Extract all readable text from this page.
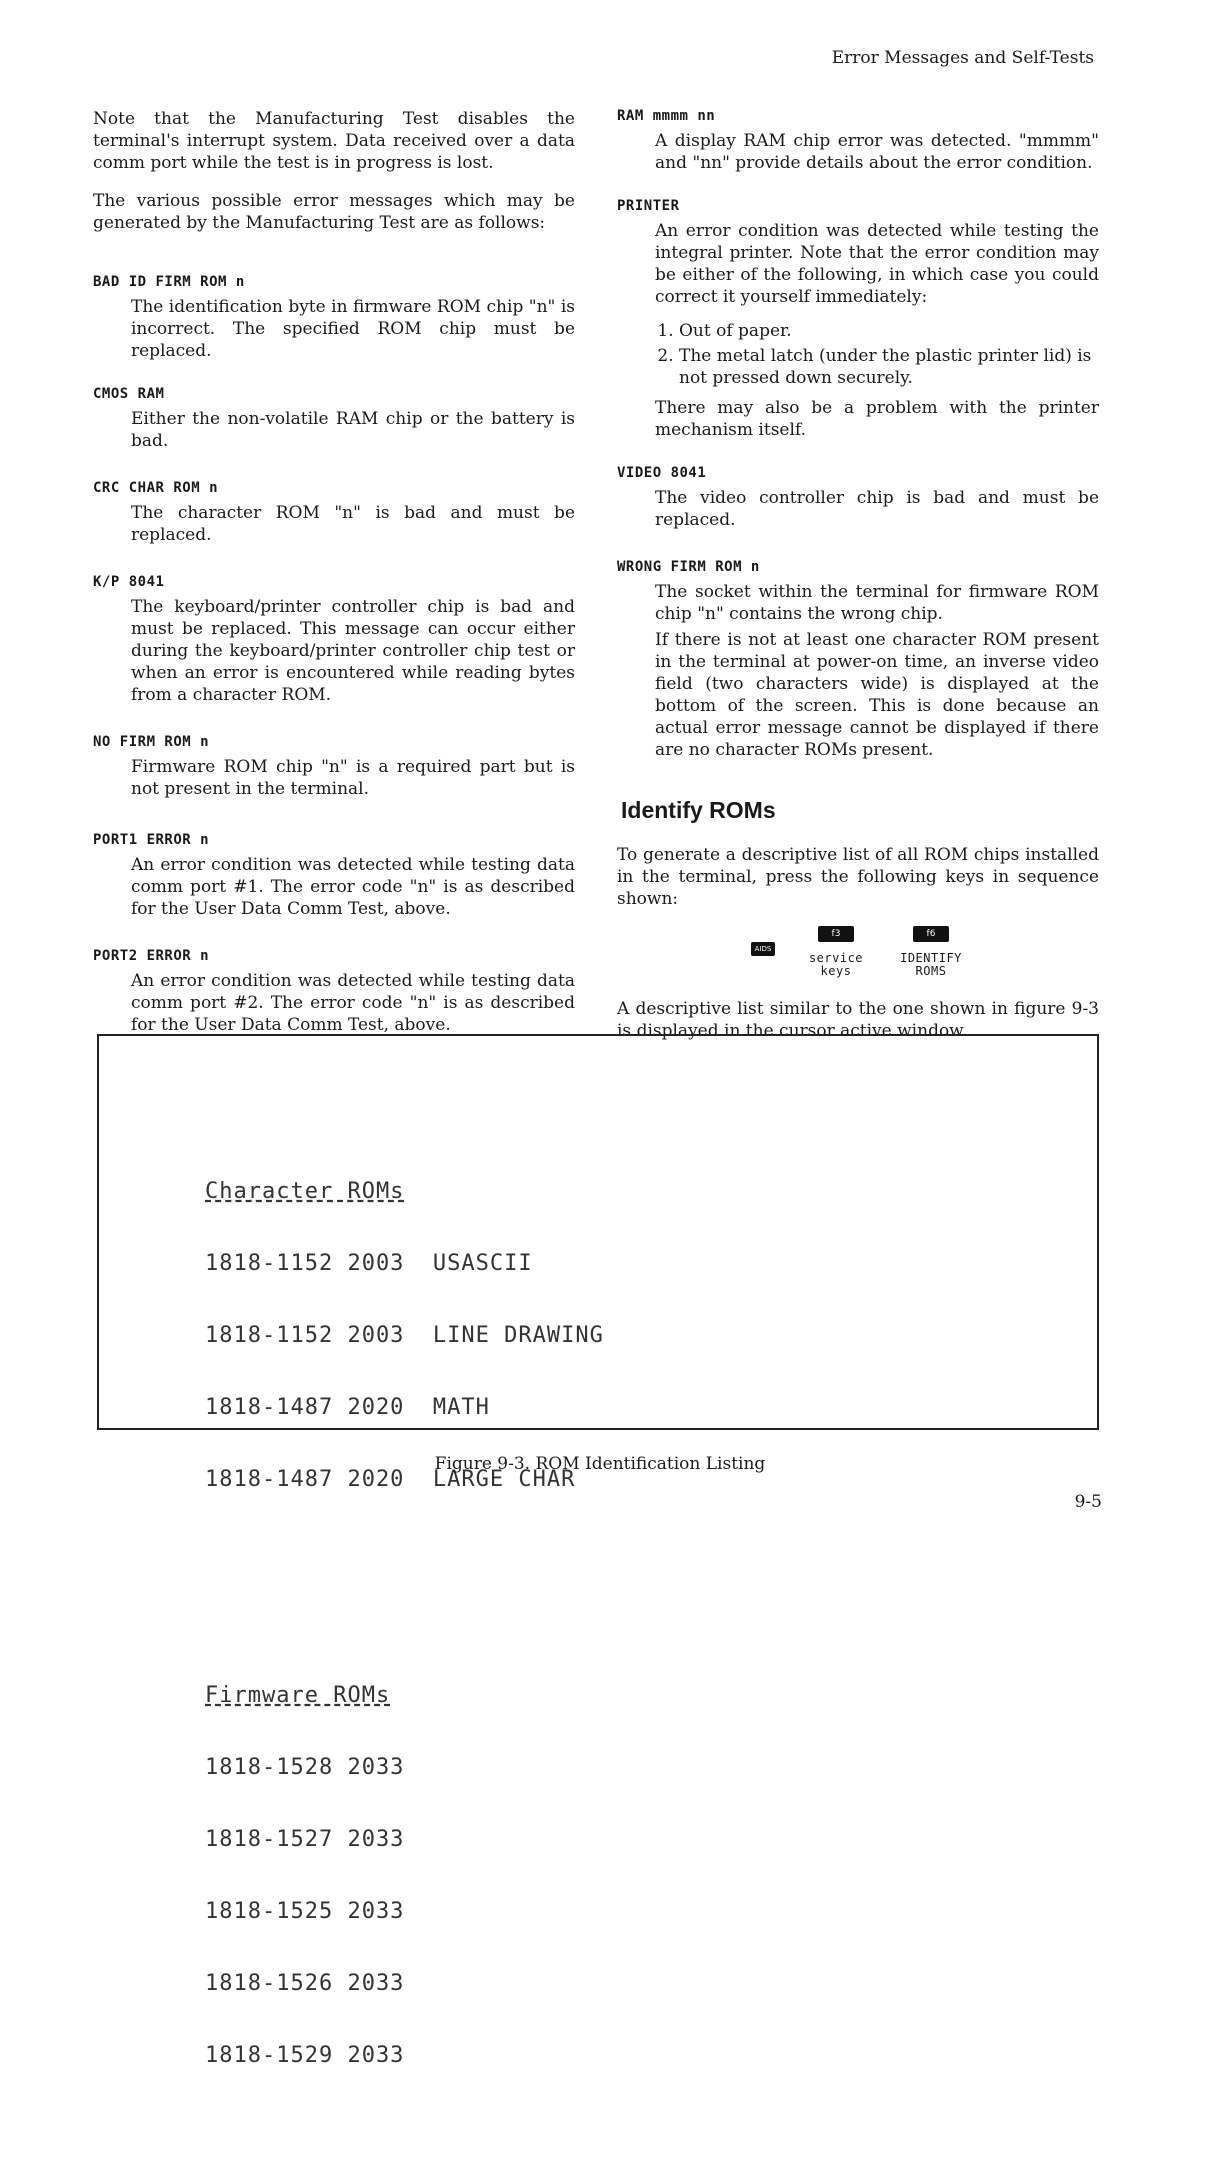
Error Messages and Self-Tests

Note that the Manufacturing Test disables the terminal's interrupt system. Data received over a data comm port while the test is in progress is lost.

The various possible error messages which may be generated by the Manufacturing Test are as follows:

BAD ID FIRM ROM n

The identification byte in firmware ROM chip "n" is incorrect. The specified ROM chip must be replaced.

CMOS RAM

Either the non-volatile RAM chip or the battery is bad.

CRC CHAR ROM n

The character ROM "n" is bad and must be replaced.

K/P 8041

The keyboard/printer controller chip is bad and must be replaced. This message can occur either during the keyboard/printer controller chip test or when an error is encountered while reading bytes from a character ROM.

NO FIRM ROM n

Firmware ROM chip "n" is a required part but is not present in the terminal.

PORT1 ERROR n

An error condition was detected while testing data comm port #1. The error code "n" is as described for the User Data Comm Test, above.

PORT2 ERROR n

An error condition was detected while testing data comm port #2. The error code "n" is as described for the User Data Comm Test, above.

RAM mmmm nn

A display RAM chip error was detected. "mmmm" and "nn" provide details about the error condition.

PRINTER

An error condition was detected while testing the integral printer. Note that the error condition may be either of the following, in which case you could correct it yourself immediately:

1. Out of paper.
2. The metal latch (under the plastic printer lid) is not pressed down securely.

There may also be a problem with the printer mechanism itself.

VIDEO 8041

The video controller chip is bad and must be replaced.

WRONG FIRM ROM n

The socket within the terminal for firmware ROM chip "n" contains the wrong chip.

If there is not at least one character ROM present in the terminal at power-on time, an inverse video field (two characters wide) is displayed at the bottom of the screen. This is done because an actual error message cannot be displayed if there are no character ROMs present.

Identify ROMs

To generate a descriptive list of all ROM chips installed in the terminal, press the following keys in sequence shown:

AIDS
f3	f6
service
keys
IDENTIFY
ROMS

A descriptive list similar to the one shown in figure 9-3 is displayed in the cursor active window.

Character ROMs

1818-1152 2003  USASCII

1818-1152 2003  LINE DRAWING

1818-1487 2020  MATH

1818-1487 2020  LARGE CHAR

Firmware ROMs

1818-1528 2033

1818-1527 2033

1818-1525 2033

1818-1526 2033

1818-1529 2033

Figure 9-3. ROM Identification Listing
9-5
